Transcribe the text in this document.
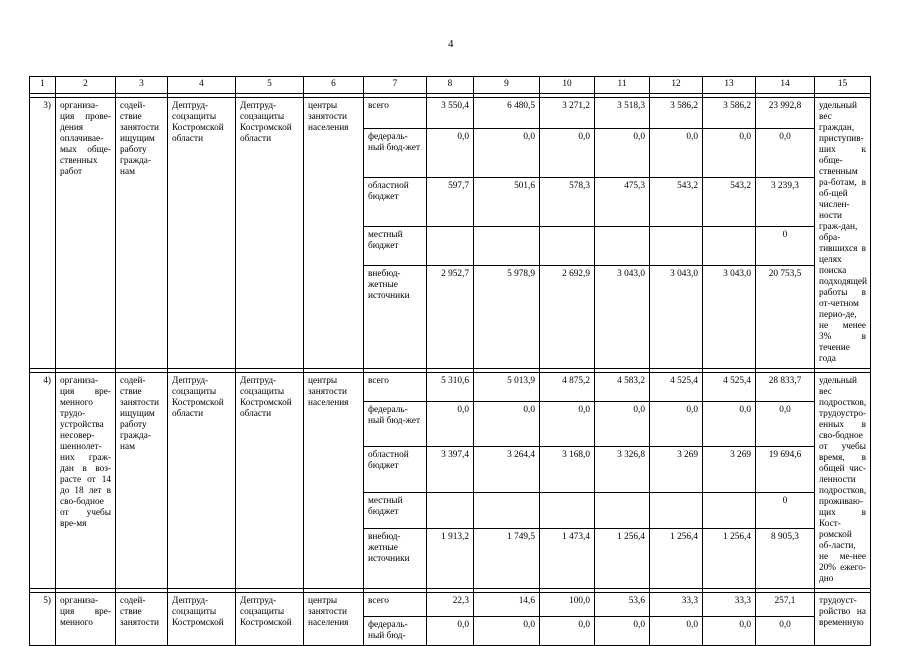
4
1	2	3	4	5	6	7	8	9	10	11	12	13	14	15

3)	организа-ция прове-дения оплачивае-мых обще-ственных работ	содей-ствие занятости ищущим работу гражда-нам	Дептруд-соцзащиты Костромской области	Дептруд-соцзащиты Костромской области	центры занятости населения	всего	3 550,4	6 480,5	3 271,2	3 518,3	3 586,2	3 586,2	23 992,8	удельный вес граждан, приступив-ших к обще-ственным ра-ботам, в об-щей числен-ности граж-дан, обра-тившихся в целях поиска подходящей работы в от-четном перио-де, не менее 3% в течение года
						федераль-ный бюд-жет	0,0	0,0	0,0	0,0	0,0	0,0	0,0	
						областной бюджет	597,7	501,6	578,3	475,3	543,2	543,2	3 239,3	
						местный бюджет							0	
						внебюд-жетные источники	2 952,7	5 978,9	2 692,9	3 043,0	3 043,0	3 043,0	20 753,5	

4)	организа-ция вре-менного трудо-устройства несовер-шеннолет-них граж-дан в воз-расте от 14 до 18 лет в сво-бодное от учебы вре-мя	содей-ствие занятости ищущим работу гражда-нам	Дептруд-соцзащиты Костромской области	Дептруд-соцзащиты Костромской области	центры занятости населения	всего	5 310,6	5 013,9	4 875,2	4 583,2	4 525,4	4 525,4	28 833,7	удельный вес подростков, трудоустро-енных в сво-бодное от учебы время, в общей чис-ленности подростков, проживаю-щих в Кост-ромской об-ласти, не ме-нее 20% ежего-дно
						федераль-ный бюд-жет	0,0	0,0	0,0	0,0	0,0	0,0	0,0	
						областной бюджет	3 397,4	3 264,4	3 168,0	3 326,8	3 269	3 269	19 694,6	
						местный бюджет							0	
						внебюд-жетные источники	1 913,2	1 749,5	1 473,4	1 256,4	1 256,4	1 256,4	8 905,3	

5)	организа-ция вре-менного	содей-ствие занятости	Дептруд-соцзащиты Костромской	Дептруд-соцзащиты Костромской	центры занятости населения	всего	22,3	14,6	100,0	53,6	33,3	33,3	257,1	трудоуст-ройство на временную
						федераль-ный бюд-	0,0	0,0	0,0	0,0	0,0	0,0	0,0	
